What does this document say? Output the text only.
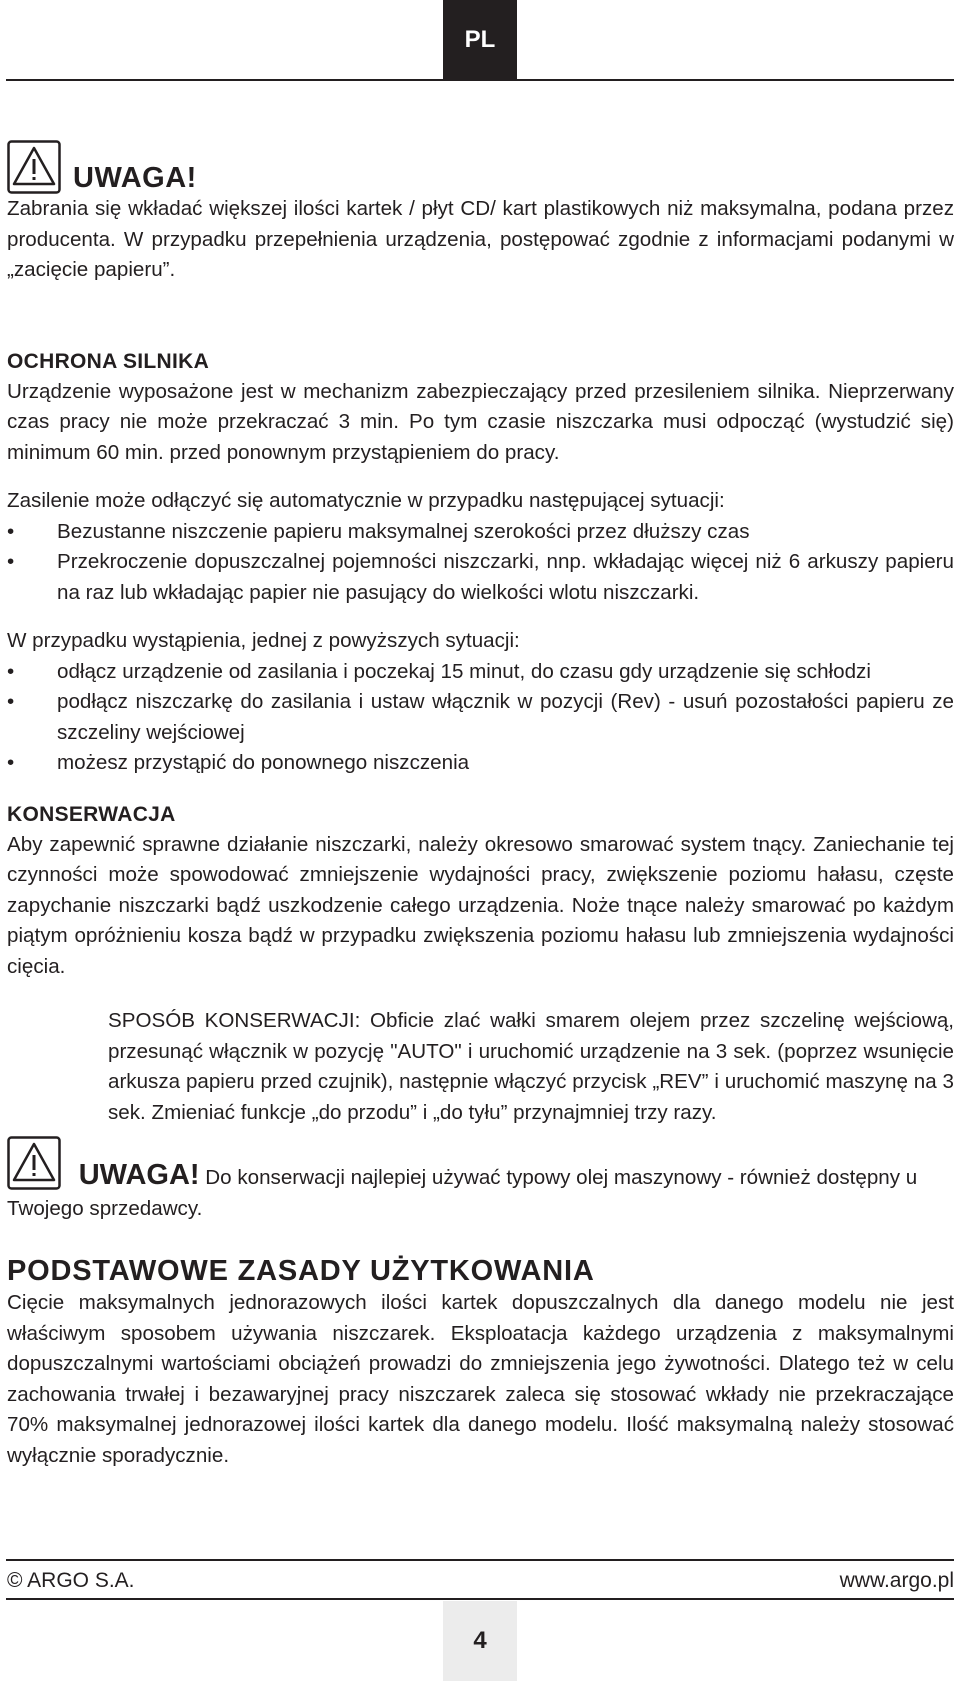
PL
UWAGA!

Zabrania się wkładać większej ilości kartek / płyt CD/ kart plastikowych niż maksymalna, podana przez producenta. W przypadku przepełnienia urządzenia, postępować zgodnie z informacjami podanymi w „zacięcie papieru”.

OCHRONA SILNIKA

Urządzenie wyposażone jest w mechanizm zabezpieczający przed przesileniem silnika. Nieprzerwany czas pracy nie może przekraczać 3 min. Po tym czasie niszczarka musi odpocząć (wystudzić się) minimum 60 min. przed ponownym przystąpieniem do pracy.

Zasilenie może odłączyć się automatycznie w przypadku następującej sytuacji:

• Bezustanne niszczenie papieru maksymalnej szerokości przez dłuższy czas
• Przekroczenie dopuszczalnej pojemności niszczarki, nnp. wkładając więcej niż 6 arkuszy papieru na raz lub wkładając papier nie pasujący do wielkości wlotu niszczarki.

W przypadku wystąpienia, jednej z powyższych sytuacji:

• odłącz urządzenie od zasilania i poczekaj 15 minut, do czasu gdy urządzenie się schłodzi
• podłącz niszczarkę do zasilania i ustaw włącznik w pozycji (Rev) - usuń pozostałości papieru ze szczeliny wejściowej
• możesz przystąpić do ponownego niszczenia
KONSERWACJA

Aby zapewnić sprawne działanie niszczarki, należy okresowo smarować system tnący. Zaniechanie tej czynności może spowodować zmniejszenie wydajności pracy, zwiększenie poziomu hałasu, częste zapychanie niszczarki bądź uszkodzenie całego urządzenia. Noże tnące należy smarować po każdym piątym opróżnieniu kosza bądź w przypadku zwiększenia poziomu hałasu lub zmniejszenia wydajności cięcia.

SPOSÓB KONSERWACJI: Obficie zlać wałki smarem olejem przez szczelinę wejściową, przesunąć włącznik w pozycję "AUTO" i uruchomić urządzenie na 3 sek. (poprzez wsunięcie arkusza papieru przed czujnik), następnie włączyć przycisk „REV” i uruchomić maszynę na 3 sek. Zmieniać funkcje „do przodu” i „do tyłu” przynajmniej trzy razy.

UWAGA! Do konserwacji najlepiej używać typowy olej maszynowy - również dostępny u Twojego sprzedawcy.

PODSTAWOWE ZASADY UŻYTKOWANIA

Cięcie maksymalnych jednorazowych ilości kartek dopuszczalnych dla danego modelu nie jest właściwym sposobem używania niszczarek. Eksploatacja każdego urządzenia z maksymalnymi dopuszczalnymi wartościami obciążeń prowadzi do zmniejszenia jego żywotności. Dlatego też w celu zachowania trwałej i bezawaryjnej pracy niszczarek zaleca się stosować wkłady nie przekraczające 70% maksymalnej jednorazowej ilości kartek dla danego modelu. Ilość maksymalną należy stosować wyłącznie sporadycznie.

© ARGO S.A.	www.argo.pl
4
